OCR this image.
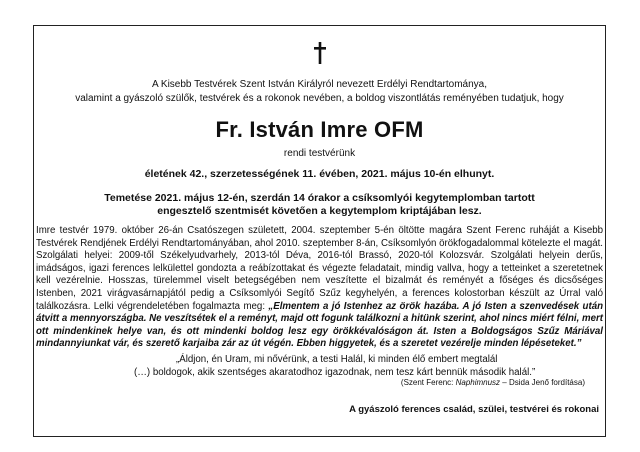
A Kisebb Testvérek Szent István Királyról nevezett Erdélyi Rendtartománya,
valamint a gyászoló szülők, testvérek és a rokonok nevében, a boldog viszontlátás reményében tudatjuk, hogy
Fr. István Imre OFM
rendi testvérünk
életének 42., szerzetességének 11. évében, 2021. május 10-én elhunyt.
Temetése 2021. május 12-én, szerdán 14 órakor a csíksomlyói kegytemplomban tartott
engesztelő szentmisét követően a kegytemplom kriptájában lesz.
Imre testvér 1979. október 26-án Csatószegen született, 2004. szeptember 5-én öltötte magára Szent Ferenc ruháját a Kisebb Testvérek Rendjének Erdélyi Rendtartományában, ahol 2010. szeptember 8-án, Csíksomlyón örökfogadalommal kötelezte el magát. Szolgálati helyei: 2009-től Székelyudvarhely, 2013-tól Déva, 2016-tól Brassó, 2020-tól Kolozsvár. Szolgálati helyein derűs, imádságos, igazi ferences lelkülettel gondozta a reábízottakat és végezte feladatait, mindig vallva, hogy a tetteinket a szeretetnek kell vezérelnie. Hosszas, türelemmel viselt betegségében nem veszítette el bizalmát és reményét a főséges és dicsőséges Istenben, 2021 virágvasárnapjától pedig a Csíksomlyói Segítő Szűz kegyhelyén, a ferences kolostorban készült az Úrral való találkozásra. Lelki végrendeletében fogalmazta meg: „Elmentem a jó Istenhez az örök hazába. A jó Isten a szenvedések után átvitt a mennyországba. Ne veszítsétek el a reményt, majd ott fogunk találkozni a hitünk szerint, ahol nincs miért félni, mert ott mindenkinek helye van, és ott mindenki boldog lesz egy örökkévalóságon át. Isten a Boldogságos Szűz Máriával mindannyiunkat vár, és szerető karjaiba zár az út végén. Ebben higgyetek, és a szeretet vezérelje minden lépéseteket.”
„Áldjon, én Uram, mi nővérünk, a testi Halál, ki minden élő embert megtalál
(…) boldogok, akik szentséges akaratodhoz igazodnak, nem tesz kárt bennük második halál.”
(Szent Ferenc: Naphimnusz – Dsida Jenő fordítása)
A gyászoló ferences család, szülei, testvérei és rokonai
